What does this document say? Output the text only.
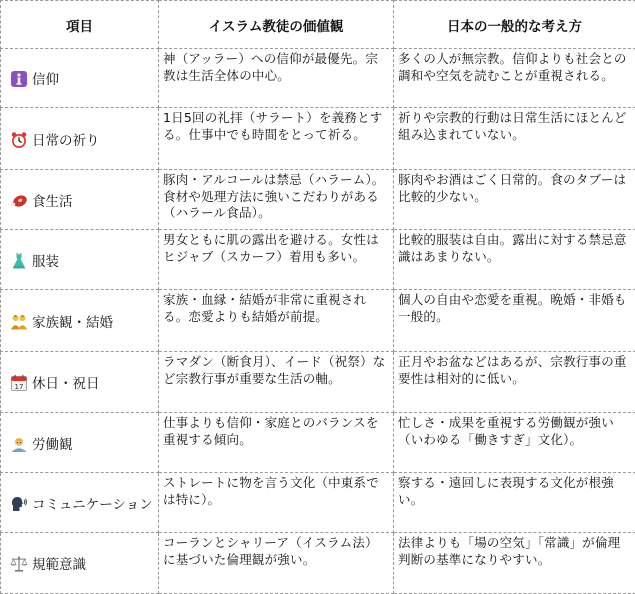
項目	イスラム教徒の価値観	日本の一般的な考え方

信仰	神（アッラー）への信仰が最優先。宗教は生活全体の中心。	多くの人が無宗教。信仰よりも社会との調和や空気を読むことが重視される。

日常の祈り	1日5回の礼拝（サラート）を義務とする。仕事中でも時間をとって祈る。	祈りや宗教的行動は日常生活にほとんど組み込まれていない。

食生活	豚肉・アルコールは禁忌（ハラーム）。食材や処理方法に強いこだわりがある（ハラール食品）。	豚肉やお酒はごく日常的。食のタブーは比較的少ない。

服装	男女ともに肌の露出を避ける。女性はヒジャブ（スカーフ）着用も多い。	比較的服装は自由。露出に対する禁忌意識はあまりない。

家族観・結婚	家族・血縁・結婚が非常に重視される。恋愛よりも結婚が前提。	個人の自由や恋愛を重視。晩婚・非婚も一般的。

17 休日・祝日	ラマダン（断食月）、イード（祝祭）など宗教行事が重要な生活の軸。	正月やお盆などはあるが、宗教行事の重要性は相対的に低い。

労働観	仕事よりも信仰・家庭とのバランスを重視する傾向。	忙しさ・成果を重視する労働観が強い（いわゆる「働きすぎ」文化）。

コミュニケーション	ストレートに物を言う文化（中東系では特に）。	察する・遠回しに表現する文化が根強い。

規範意識	コーランとシャリーア（イスラム法）に基づいた倫理観が強い。	法律よりも「場の空気」「常識」が倫理判断の基準になりやすい。
